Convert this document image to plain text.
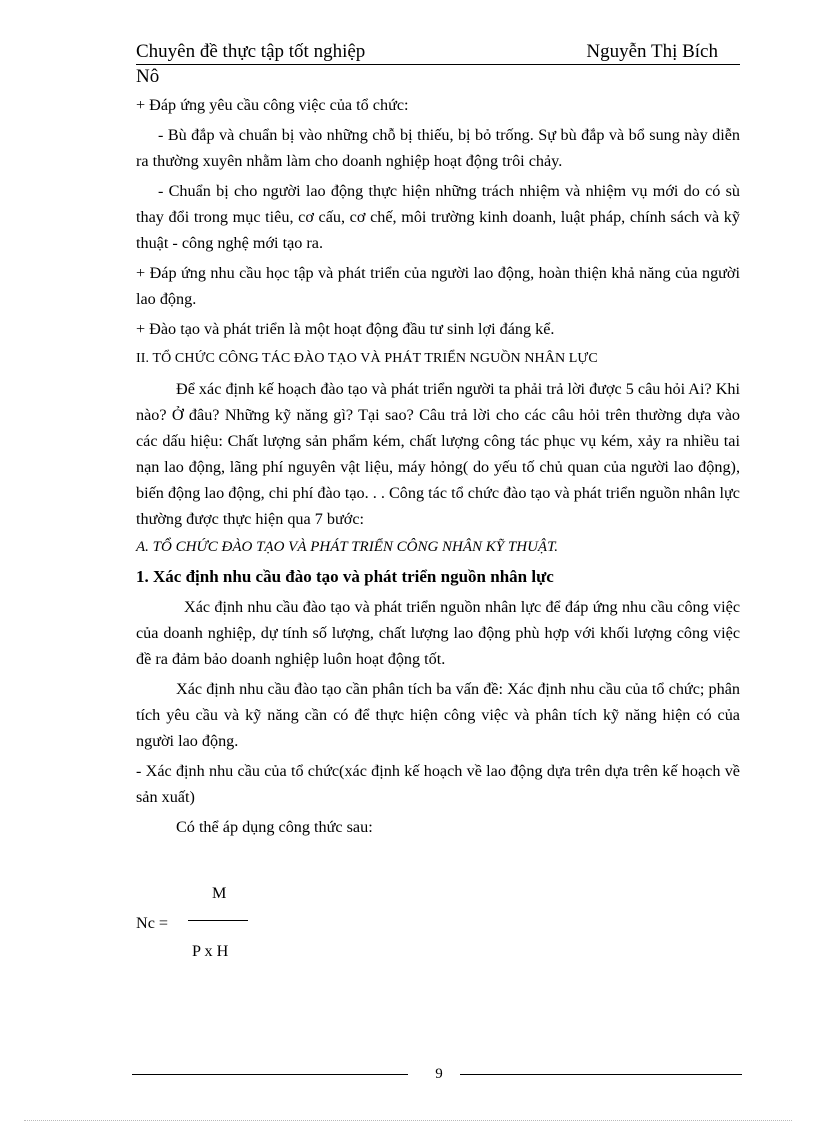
Chuyên đề thực tập tốt nghiệp	Nguyễn Thị Bích
Nô

+ Đáp ứng yêu cầu công việc của tổ chức:

- Bù đắp và chuẩn bị vào những chỗ bị thiếu, bị bỏ trống. Sự bù đắp và bổ sung này diễn ra thường xuyên nhằm làm cho doanh nghiệp hoạt động trôi chảy.

- Chuẩn bị cho người lao động thực hiện những trách nhiệm và nhiệm vụ mới do có sù thay đổi trong mục tiêu, cơ cấu, cơ chế, môi trường kinh doanh, luật pháp, chính sách và kỹ thuật - công nghệ mới tạo ra.

+ Đáp ứng nhu cầu học tập và phát triển của người lao động, hoàn thiện khả năng của người lao động.

+ Đào tạo và phát triển là một hoạt động đầu tư sinh lợi đáng kể.

II. TỔ CHỨC CÔNG TÁC ĐÀO TẠO VÀ PHÁT TRIỂN NGUỒN NHÂN LỰC

Để xác định kế hoạch đào tạo và phát triển người ta phải trả lời được 5 câu hỏi Ai? Khi nào? Ở đâu? Những kỹ năng gì? Tại sao? Câu trả lời cho các câu hỏi trên thường dựa vào các dấu hiệu: Chất lượng sản phẩm kém, chất lượng công tác phục vụ kém, xảy ra nhiều tai nạn lao động, lãng phí nguyên vật liệu, máy hỏng( do yếu tố chủ quan của người lao động), biến động lao động, chi phí đào tạo. . . Công tác tổ chức đào tạo và phát triển nguồn nhân lực thường được thực hiện qua 7 bước:

A. TỔ CHỨC ĐÀO TẠO VÀ PHÁT TRIỂN CÔNG NHÂN KỸ THUẬT.

1. Xác định nhu cầu đào tạo và phát triển nguồn nhân lực

Xác định nhu cầu đào tạo và phát triển nguồn nhân lực để đáp ứng nhu cầu công việc của doanh nghiệp, dự tính số lượng, chất lượng lao động phù hợp với khối lượng công việc đề ra đảm bảo doanh nghiệp luôn hoạt động tốt.

Xác định nhu cầu đào tạo cần phân tích ba vấn đề: Xác định nhu cầu của tổ chức; phân tích yêu cầu và kỹ năng cần có để thực hiện công việc và phân tích kỹ năng hiện có của người lao động.

- Xác định nhu cầu của tổ chức(xác định kế hoạch về lao động dựa trên dựa trên kế hoạch về sản xuất)

Có thể áp dụng công thức sau:

M
Nc =
P x H
9
